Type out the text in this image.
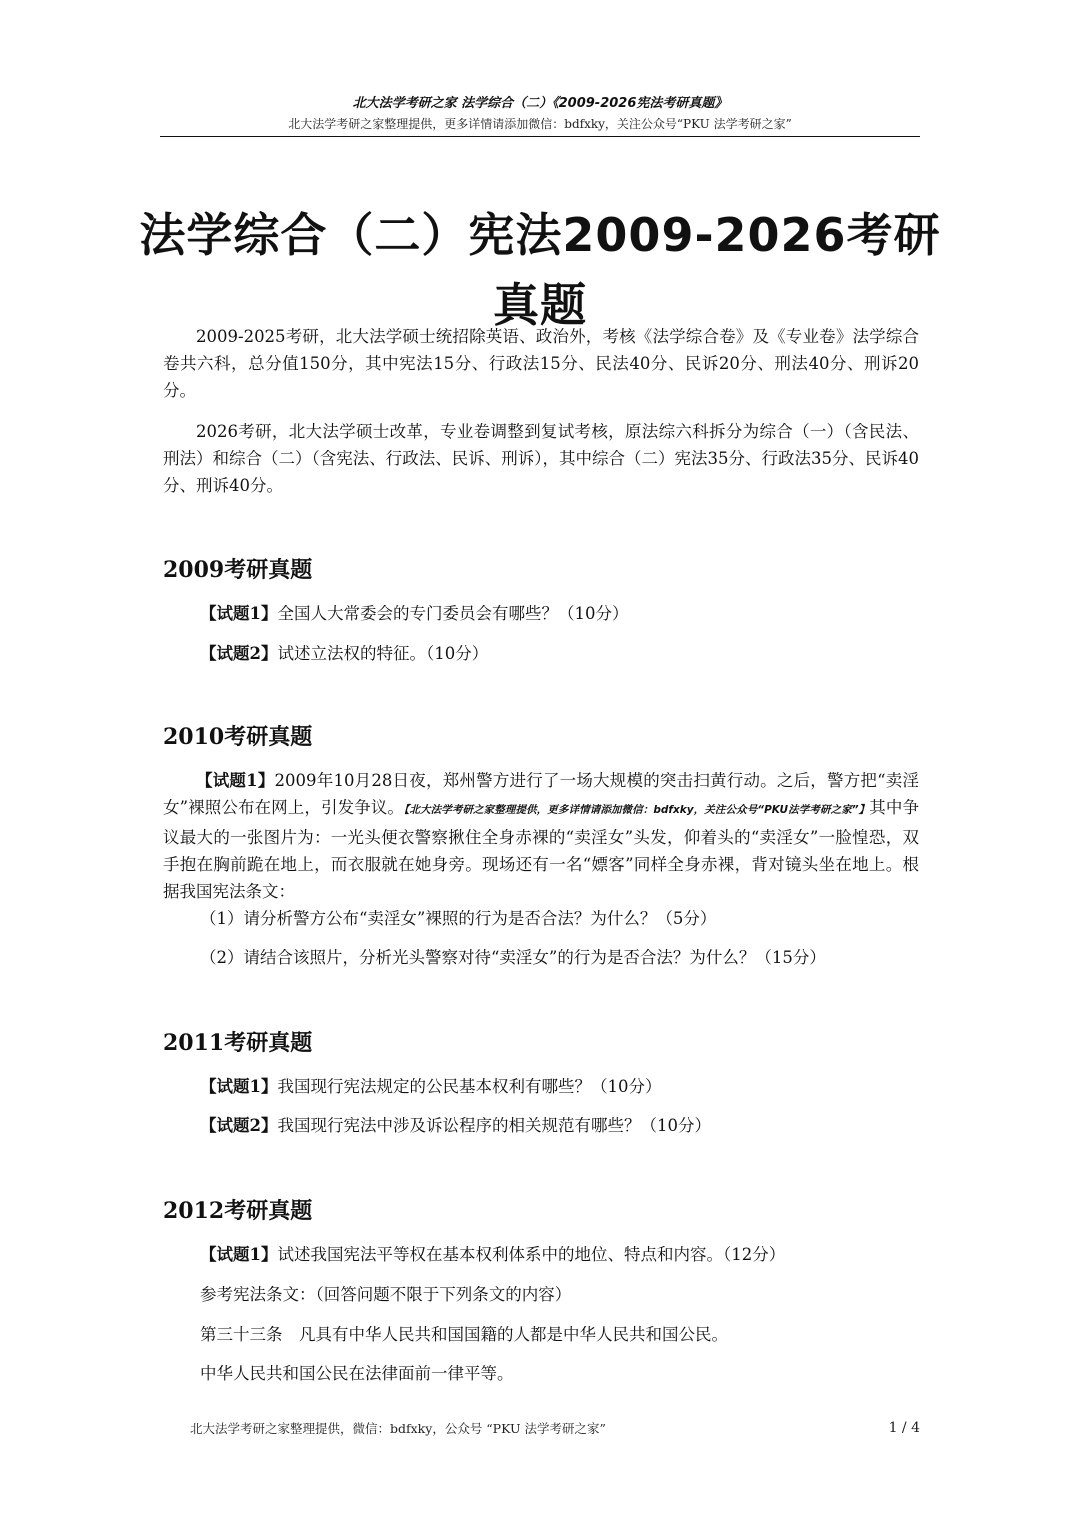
北大法学考研之家 法学综合（二）《2009-2026宪法考研真题》
北大法学考研之家整理提供，更多详情请添加微信：bdfxky，关注公众号“PKU 法学考研之家”
法学综合（二）宪法2009-2026考研真题
2009-2025考研，北大法学硕士统招除英语、政治外，考核《法学综合卷》及《专业卷》法学综合卷共六科，总分值150分，其中宪法15分、行政法15分、民法40分、民诉20分、刑法40分、刑诉20分。
2026考研，北大法学硕士改革，专业卷调整到复试考核，原法综六科拆分为综合（一）（含民法、刑法）和综合（二）（含宪法、行政法、民诉、刑诉），其中综合（二）宪法35分、行政法35分、民诉40分、刑诉40分。
2009考研真题
【试题1】全国人大常委会的专门委员会有哪些？（10分）
【试题2】试述立法权的特征。（10分）
2010考研真题
【试题1】2009年10月28日夜，郑州警方进行了一场大规模的突击扫黄行动。之后，警方把“卖淫女”裸照公布在网上，引发争议。【北大法学考研之家整理提供，更多详情请添加微信：bdfxky，关注公众号“PKU法学考研之家”】其中争议最大的一张图片为：一光头便衣警察揪住全身赤裸的“卖淫女”头发，仰着头的“卖淫女”一脸惶恐，双手抱在胸前跪在地上，而衣服就在她身旁。现场还有一名“嫖客”同样全身赤裸，背对镜头坐在地上。根据我国宪法条文：
（1）请分析警方公布“卖淫女”裸照的行为是否合法？为什么？（5分）
（2）请结合该照片，分析光头警察对待“卖淫女”的行为是否合法？为什么？（15分）
2011考研真题
【试题1】我国现行宪法规定的公民基本权利有哪些？（10分）
【试题2】我国现行宪法中涉及诉讼程序的相关规范有哪些？（10分）
2012考研真题
【试题1】试述我国宪法平等权在基本权利体系中的地位、特点和内容。（12分）
参考宪法条文：（回答问题不限于下列条文的内容）
第三十三条　凡具有中华人民共和国国籍的人都是中华人民共和国公民。
中华人民共和国公民在法律面前一律平等。
北大法学考研之家整理提供，微信：bdfxky，公众号 “PKU 法学考研之家”	1 / 4
